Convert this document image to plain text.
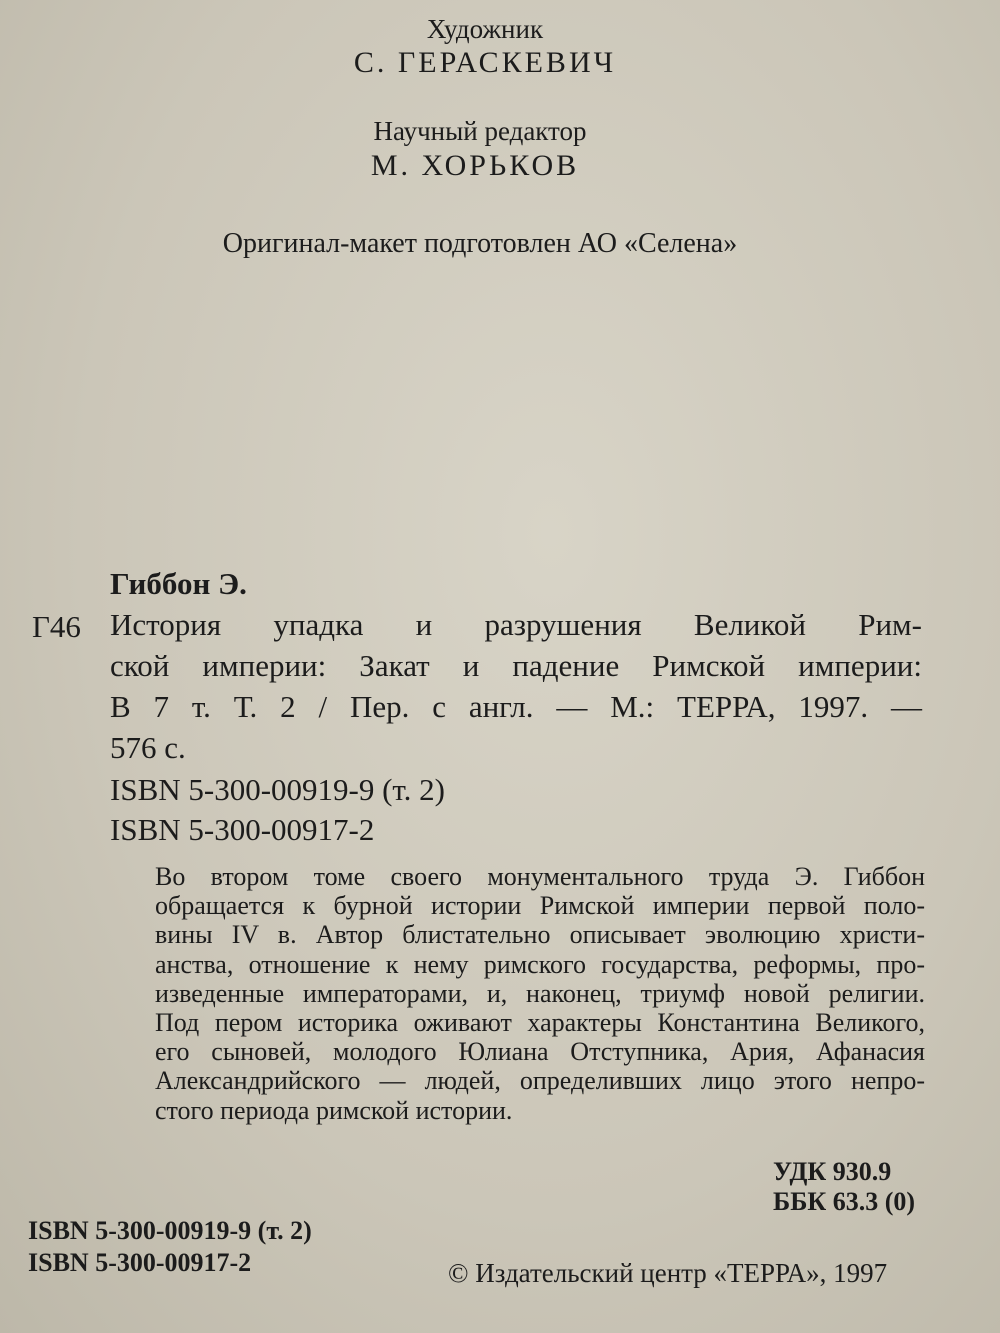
Художник
С. ГЕРАСКЕВИЧ
Научный редактор
М. ХОРЬКОВ
Оригинал-макет подготовлен АО «Селена»
Гиббон Э.
Г46 История упадка и разрушения Великой Рим-
ской империи: Закат и падение Римской империи:
В 7 т. Т. 2 / Пер. с англ. — М.: ТЕРРА, 1997. —
576 с.
ISBN 5-300-00919-9 (т. 2)
ISBN 5-300-00917-2
Во втором томе своего монументального труда Э. Гиббон
обращается к бурной истории Римской империи первой поло-
вины IV в. Автор блистательно описывает эволюцию христи-
анства, отношение к нему римского государства, реформы, про-
изведенные императорами, и, наконец, триумф новой религии.
Под пером историка оживают характеры Константина Великого,
его сыновей, молодого Юлиана Отступника, Ария, Афанасия
Александрийского — людей, определивших лицо этого непро-
стого периода римской истории.
УДК 930.9
ББК 63.3 (0)
ISBN 5-300-00919-9 (т. 2)
ISBN 5-300-00917-2	© Издательский центр «ТЕРРА», 1997
